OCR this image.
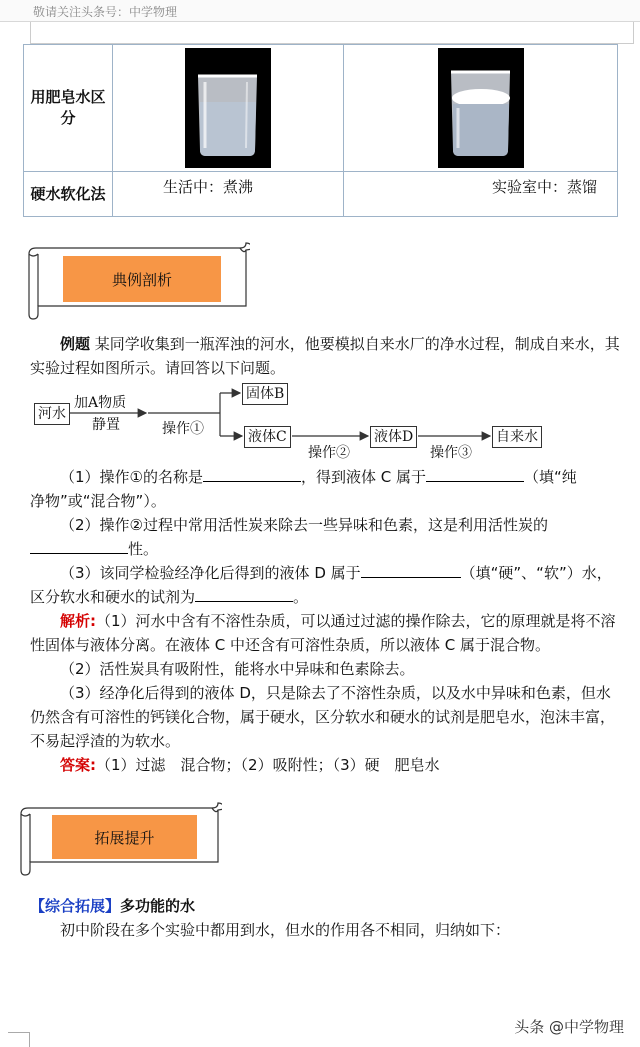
敬请关注头条号：中学物理
用肥皂水区分		
硬水软化法	生活中：煮沸	实验室中：蒸馏
典例剖析

例题 某同学收集到一瓶浑浊的河水，他要模拟自来水厂的净水过程，制成自来水，其实验过程如图所示。请回答以下问题。

河水
加A物质
静置	操作①
固体B
液体C
操作②
液体D
操作③
自来水

（1）操作①的名称是	，得到液体 C 属于	（填“纯

净物”或“混合物”）。

（2）操作②过程中常用活性炭来除去一些异味和色素，这是利用活性炭的

性。

（3）该同学检验经净化后得到的液体 D 属于	（填“硬”、“软”）水，

区分软水和硬水的试剂为	。

解析:（1）河水中含有不溶性杂质，可以通过过滤的操作除去，它的原理就是将不溶性固体与液体分离。在液体 C 中还含有可溶性杂质，所以液体 C 属于混合物。

（2）活性炭具有吸附性，能将水中异味和色素除去。

（3）经净化后得到的液体 D，只是除去了不溶性杂质，以及水中异味和色素，但水仍然含有可溶性的钙镁化合物，属于硬水，区分软水和硬水的试剂是肥皂水，泡沫丰富，不易起浮渣的为软水。

答案:（1）过滤　混合物；（2）吸附性；（3）硬　肥皂水

拓展提升
【综合拓展】多功能的水

初中阶段在多个实验中都用到水，但水的作用各不相同，归纳如下：

头条 @中学物理
